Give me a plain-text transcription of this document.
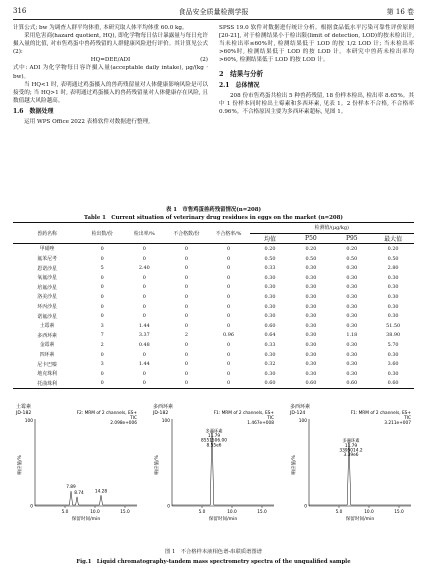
316	食品安全质量检测学报	第 16 卷

计算公式; bw 为调查人群平均体重, 本研究取人体平均体重 60.0 kg。

采用危害商(hazard quotient, HQ), 即化学物每日估计暴露量与每日允许摄入量的比值, 对市售鸡蛋中兽药残留的人群健康风险进行评价。其计算见公式(2):

HQ=DEE/ADI	(2)

式中: ADI 为化学物每日容许摄入量(acceptable daily intake), μg/(kg · bw)。

当 HQ<1 时, 表明通过鸡蛋摄入的兽药残留量对人体健康影响风险是可以接受的; 当 HQ>1 时, 表明通过鸡蛋摄入的兽药残留量对人体健康存在风险, 且数值越大风险越高。

1.6　数据处理

运用 WPS Office 2022 表格软件对数据进行整理,

SPSS 19.0 软件对数据进行统计分析。根据食品低水平污染可靠性评价原则[20-21], 对于检测结果小于检出限(limit of detection, LOD)的按未检出计, 当未检出率≤60%时, 检测结果低于 LOD 的按 1/2 LOD 计; 当未检出率>60%时, 检测结果低于 LOD 的按 LOD 计。本研究中兽药未检出率均>60%, 检测结果低于 LOD 的按 LOD 计。

2　结果与分析
2.1　总体情况

208 份市售鸡蛋共检出 5 种兽药残留, 18 份样本检出, 检出率 8.65%。其中 1 份样本同时检出土霉素和多西环素, 见表 1。2 份样本不合格, 不合格率 0.96%。不合格原因主要为多西环素超标, 见图 1。

表 1　市售鸡蛋兽药残留情况(n=208)
Table 1　Current situation of veterinary drug residues in eggs on the market (n=208)
兽药名称	检出数/份	检出率/%	不合格数/份	不合格率/%	检测值/(μg/kg)			
					均值	P50	P95	最大值
甲硝唑	0	0	0	0	0.20	0.20	0.20	0.20
氟苯尼考	0	0	0	0	0.50	0.50	0.50	0.50
恩诺沙星	5	2.40	0	0	0.33	0.30	0.30	2.80
氧氟沙星	0	0	0	0	0.30	0.30	0.30	0.30
培氟沙星	0	0	0	0	0.30	0.30	0.30	0.30
洛美沙星	0	0	0	0	0.30	0.30	0.30	0.30
环丙沙星	0	0	0	0	0.30	0.30	0.30	0.30
诺氟沙星	0	0	0	0	0.30	0.30	0.30	0.30
土霉素	3	1.44	0	0	0.60	0.30	0.30	51.50
多西环素	7	3.37	2	0.96	0.64	0.30	1.18	38.90
金霉素	2	0.48	0	0	0.33	0.30	0.30	5.70
四环素	0	0	0	0	0.30	0.30	0.30	0.30
尼卡巴嗪	3	1.44	0	0	0.32	0.30	0.30	3.60
地克珠利	0	0	0	0	0.30	0.30	0.30	0.30
托曲珠利	0	0	0	0	0.60	0.60	0.60	0.60
土霉素
JD-182	F2: MRM of 2 channels, ES+
TIC
2.098e+006
0
100
响应值/%
5.0	10.0	15.0
保留时间/min
7.89
8.74	14.28
多西环素
JD-182	F1: MRM of 2 channels, ES+
TIC
1.467e+008
0
100
响应值/%
5.0	10.0	15.0
保留时间/min
多西环素
11.79
8551506.00
8.55e6
多西环素
JD-124	F1: MRM of 2 channels, ES+
TIC
3.211e+007
0
100
响应值/%
5.0	10.0	15.0
保留时间/min
多西环素
11.79
3395014.2
3.39e6
图 1　不合格样本液相色谱-串联质谱图谱
Fig.1　Liquid chromatography-tandem mass spectrometry spectra of the unqualified sample
